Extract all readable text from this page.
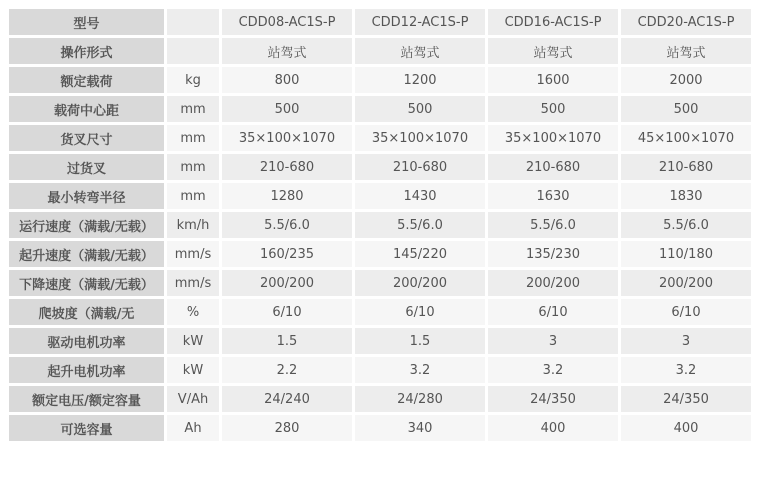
型号		CDD08-AC1S-P	CDD12-AC1S-P	CDD16-AC1S-P	CDD20-AC1S-P
操作形式		站驾式	站驾式	站驾式	站驾式
额定载荷	kg	800	1200	1600	2000
载荷中心距	mm	500	500	500	500
货叉尺寸	mm	35×100×1070	35×100×1070	35×100×1070	45×100×1070
过货叉	mm	210-680	210-680	210-680	210-680
最小转弯半径	mm	1280	1430	1630	1830
运行速度（满载/无载）	km/h	5.5/6.0	5.5/6.0	5.5/6.0	5.5/6.0
起升速度（满载/无载）	mm/s	160/235	145/220	135/230	110/180
下降速度（满载/无载）	mm/s	200/200	200/200	200/200	200/200
爬坡度（满载/无	%	6/10	6/10	6/10	6/10
驱动电机功率	kW	1.5	1.5	3	3
起升电机功率	kW	2.2	3.2	3.2	3.2
额定电压/额定容量	V/Ah	24/240	24/280	24/350	24/350
可选容量	Ah	280	340	400	400
